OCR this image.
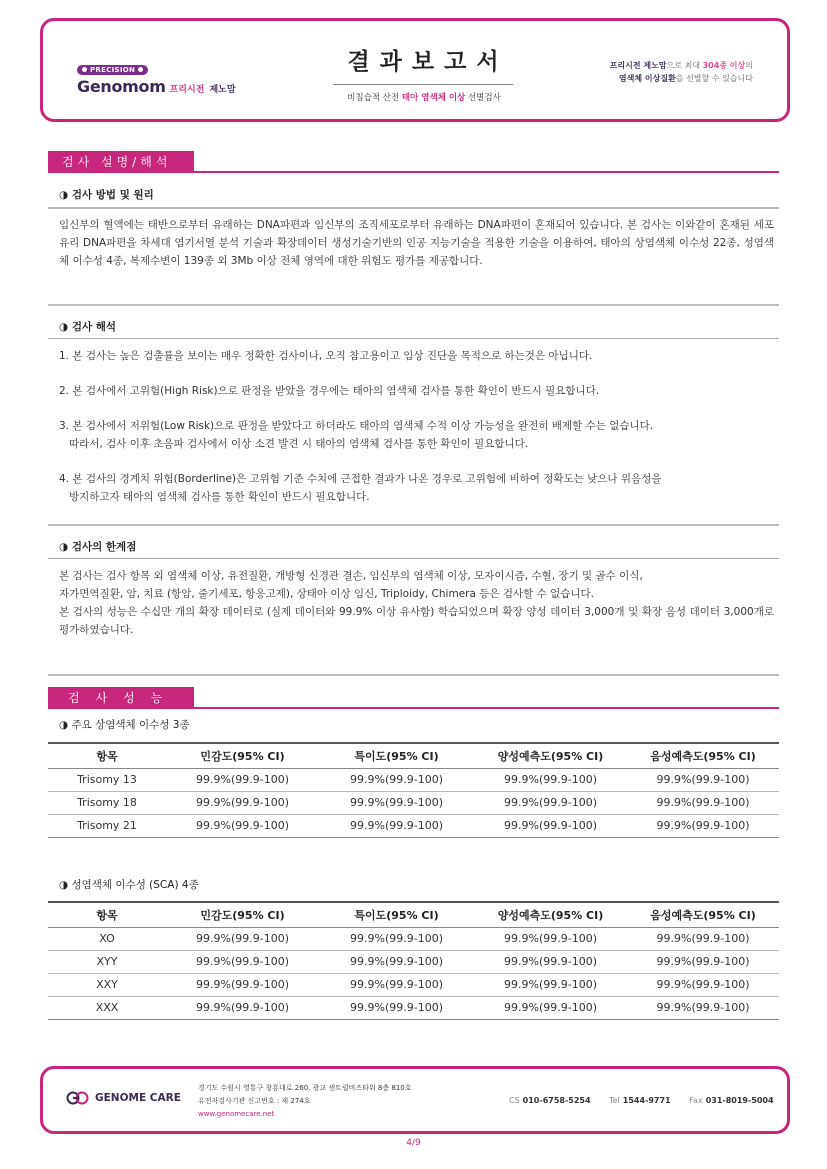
PRECISION
Genomom 프리시전 제노맘
결과보고서
비침습적 산전 태아 염색체 이상 선별검사
프리시전 제노맘으로 최대 304종 이상의
염색체 이상질환을 선별할 수 있습니다
검사 설명/해석
◑ 검사 방법 및 원리
임신부의 혈액에는 태반으로부터 유래하는 DNA파편과 임신부의 조직세포로부터 유래하는 DNA파편이 혼재되어 있습니다. 본 검사는 이와같이 혼재된 세포유리 DNA파편을 차세대 염기서열 분석 기술과 확장데이터 생성기술기반의 인공 지능기술을 적용한 기술을 이용하여, 태아의 상염색체 이수성 22종, 성염색체 이수성 4종, 복제수변이 139종 외 3Mb 이상 전체 영역에 대한 위험도 평가를 제공합니다.
◑ 검사 해석
1. 본 검사는 높은 검출률을 보이는 매우 정확한 검사이나, 오직 참고용이고 임상 진단을 목적으로 하는것은 아닙니다.
2. 본 검사에서 고위험(High Risk)으로 판정을 받았을 경우에는 태아의 염색체 검사를 통한 확인이 반드시 필요합니다.
3. 본 검사에서 저위험(Low Risk)으로 판정을 받았다고 하더라도 태아의 염색체 수적 이상 가능성을 완전히 배제할 수는 없습니다.
따라서, 검사 이후 초음파 검사에서 이상 소견 발견 시 태아의 염색체 검사를 통한 확인이 필요합니다.
4. 본 검사의 경계치 위험(Borderline)은 고위험 기준 수치에 근접한 결과가 나온 경우로 고위험에 비하여 정확도는 낮으나 위음성을
방지하고자 태아의 염색체 검사를 통한 확인이 반드시 필요합니다.
◑ 검사의 한계점
본 검사는 검사 항목 외 염색체 이상, 유전질환, 개방형 신경관 결손, 임신부의 염색체 이상, 모자이시즘, 수혈, 장기 및 골수 이식,
자가면역질환, 암, 치료 (항암, 줄기세포, 항응고제), 상태아 이상 임신, Triploidy, Chimera 등은 검사할 수 없습니다.
본 검사의 성능은 수십만 개의 확장 데이터로 (실제 데이터와 99.9% 이상 유사함) 학습되었으며 확장 양성 데이터 3,000개 및 확장 음성 데이터 3,000개로 평가하였습니다.
검사성능
◑ 주요 상염색체 이수성 3종
항목	민감도(95% CI)	특이도(95% CI)	양성예측도(95% CI)	음성예측도(95% CI)
Trisomy 13	99.9%(99.9-100)	99.9%(99.9-100)	99.9%(99.9-100)	99.9%(99.9-100)
Trisomy 18	99.9%(99.9-100)	99.9%(99.9-100)	99.9%(99.9-100)	99.9%(99.9-100)
Trisomy 21	99.9%(99.9-100)	99.9%(99.9-100)	99.9%(99.9-100)	99.9%(99.9-100)
◑ 성염색체 이수성 (SCA) 4종
항목	민감도(95% CI)	특이도(95% CI)	양성예측도(95% CI)	음성예측도(95% CI)
XO	99.9%(99.9-100)	99.9%(99.9-100)	99.9%(99.9-100)	99.9%(99.9-100)
XYY	99.9%(99.9-100)	99.9%(99.9-100)	99.9%(99.9-100)	99.9%(99.9-100)
XXY	99.9%(99.9-100)	99.9%(99.9-100)	99.9%(99.9-100)	99.9%(99.9-100)
XXX	99.9%(99.9-100)	99.9%(99.9-100)	99.9%(99.9-100)	99.9%(99.9-100)
GENOME CARE
경기도 수원시 영통구 창룡대로 260, 광교 센트럴비즈타워 8층 810호
유전자검사기관 신고번호 : 제 274호
www.genomecare.net
CS 010-6758-5254 Tel 1544-9771 Fax 031-8019-5004
4/9
